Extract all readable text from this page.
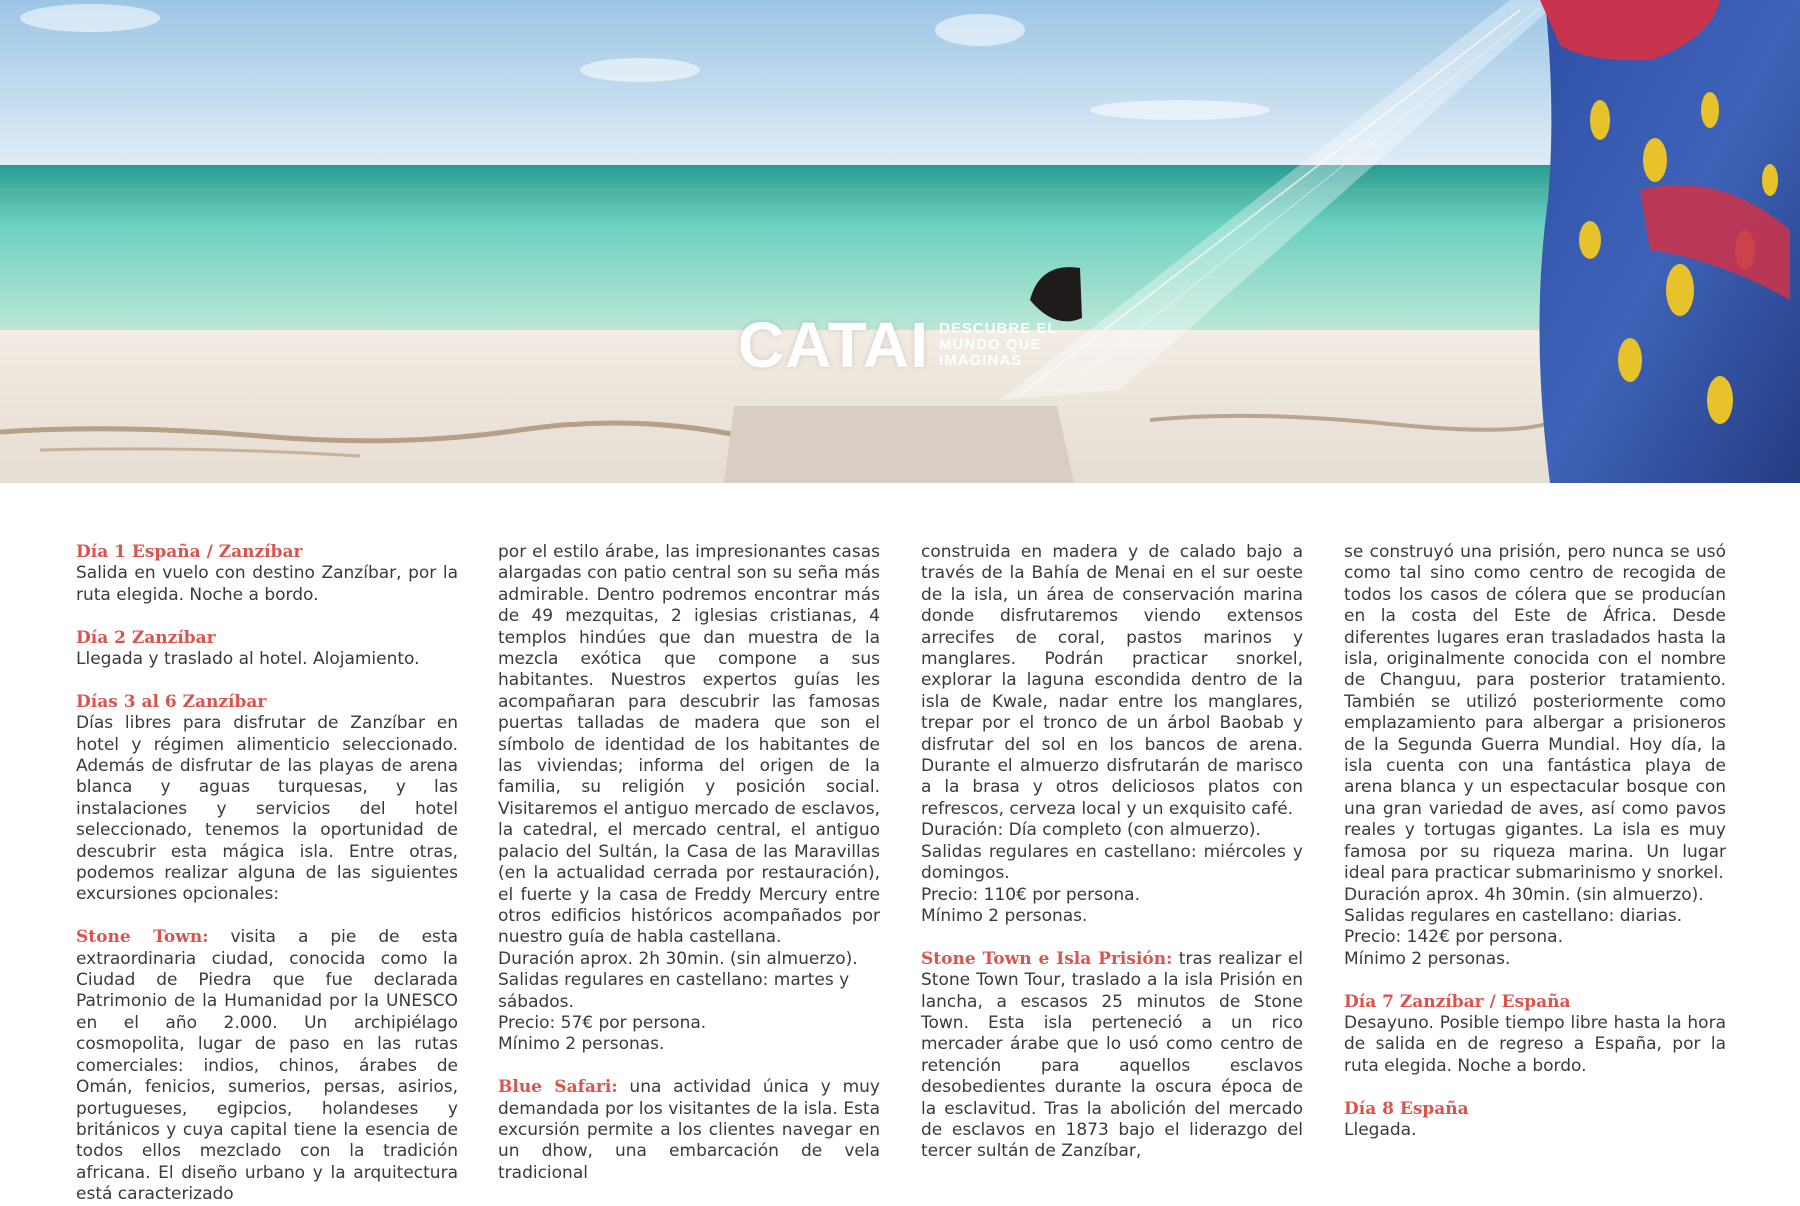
CATAI DESCUBRE EL
MUNDO QUE
IMAGINAS

Día 1 España / Zanzíbar
Salida en vuelo con destino Zanzíbar, por la ruta elegida. Noche a bordo.

Día 2 Zanzíbar
Llegada y traslado al hotel. Alojamiento.

Días 3 al 6 Zanzíbar
Días libres para disfrutar de Zanzíbar en hotel y régimen alimenticio seleccionado. Además de disfrutar de las playas de arena blanca y aguas turquesas, y las instalaciones y servicios del hotel seleccionado, tenemos la oportunidad de descubrir esta mágica isla. Entre otras, podemos realizar alguna de las siguientes excursiones opcionales:

Stone Town: visita a pie de esta extraordinaria ciudad, conocida como la Ciudad de Piedra que fue declarada Patrimonio de la Humanidad por la UNESCO en el año 2.000. Un archipiélago cosmopolita, lugar de paso en las rutas comerciales: indios, chinos, árabes de Omán, fenicios, sumerios, persas, asirios, portugueses, egipcios, holandeses y británicos y cuya capital tiene la esencia de todos ellos mezclado con la tradición africana. El diseño urbano y la arquitectura está caracterizado

por el estilo árabe, las impresionantes casas alargadas con patio central son su seña más admirable. Dentro podremos encontrar más de 49 mezquitas, 2 iglesias cristianas, 4 templos hindúes que dan muestra de la mezcla exótica que compone a sus habitantes. Nuestros expertos guías les acompañaran para descubrir las famosas puertas talladas de madera que son el símbolo de identidad de los habitantes de las viviendas; informa del origen de la familia, su religión y posición social. Visitaremos el antiguo mercado de esclavos, la catedral, el mercado central, el antiguo palacio del Sultán, la Casa de las Maravillas (en la actualidad cerrada por restauración), el fuerte y la casa de Freddy Mercury entre otros edificios históricos acompañados por nuestro guía de habla castellana.

Duración aprox. 2h 30min. (sin almuerzo).
Salidas regulares en castellano: martes y sábados.
Precio: 57€ por persona.
Mínimo 2 personas.

Blue Safari: una actividad única y muy demandada por los visitantes de la isla. Esta excursión permite a los clientes navegar en un dhow, una embarcación de vela tradicional

construida en madera y de calado bajo a través de la Bahía de Menai en el sur oeste de la isla, un área de conservación marina donde disfrutaremos viendo extensos arrecifes de coral, pastos marinos y manglares. Podrán practicar snorkel, explorar la laguna escondida dentro de la isla de Kwale, nadar entre los manglares, trepar por el tronco de un árbol Baobab y disfrutar del sol en los bancos de arena. Durante el almuerzo disfrutarán de marisco a la brasa y otros deliciosos platos con refrescos, cerveza local y un exquisito café.

Duración: Día completo (con almuerzo).
Salidas regulares en castellano: miércoles y domingos.
Precio: 110€ por persona.
Mínimo 2 personas.

Stone Town e Isla Prisión: tras realizar el Stone Town Tour, traslado a la isla Prisión en lancha, a escasos 25 minutos de Stone Town. Esta isla perteneció a un rico mercader árabe que lo usó como centro de retención para aquellos esclavos desobedientes durante la oscura época de la esclavitud. Tras la abolición del mercado de esclavos en 1873 bajo el liderazgo del tercer sultán de Zanzíbar,

se construyó una prisión, pero nunca se usó como tal sino como centro de recogida de todos los casos de cólera que se producían en la costa del Este de África. Desde diferentes lugares eran trasladados hasta la isla, originalmente conocida con el nombre de Changuu, para posterior tratamiento. También se utilizó posteriormente como emplazamiento para albergar a prisioneros de la Segunda Guerra Mundial. Hoy día, la isla cuenta con una fantástica playa de arena blanca y un espectacular bosque con una gran variedad de aves, así como pavos reales y tortugas gigantes. La isla es muy famosa por su riqueza marina. Un lugar ideal para practicar submarinismo y snorkel.

Duración aprox. 4h 30min. (sin almuerzo).
Salidas regulares en castellano: diarias.
Precio: 142€ por persona.
Mínimo 2 personas.

Día 7 Zanzíbar / España
Desayuno. Posible tiempo libre hasta la hora de salida en de regreso a España, por la ruta elegida. Noche a bordo.

Día 8 España
Llegada.
